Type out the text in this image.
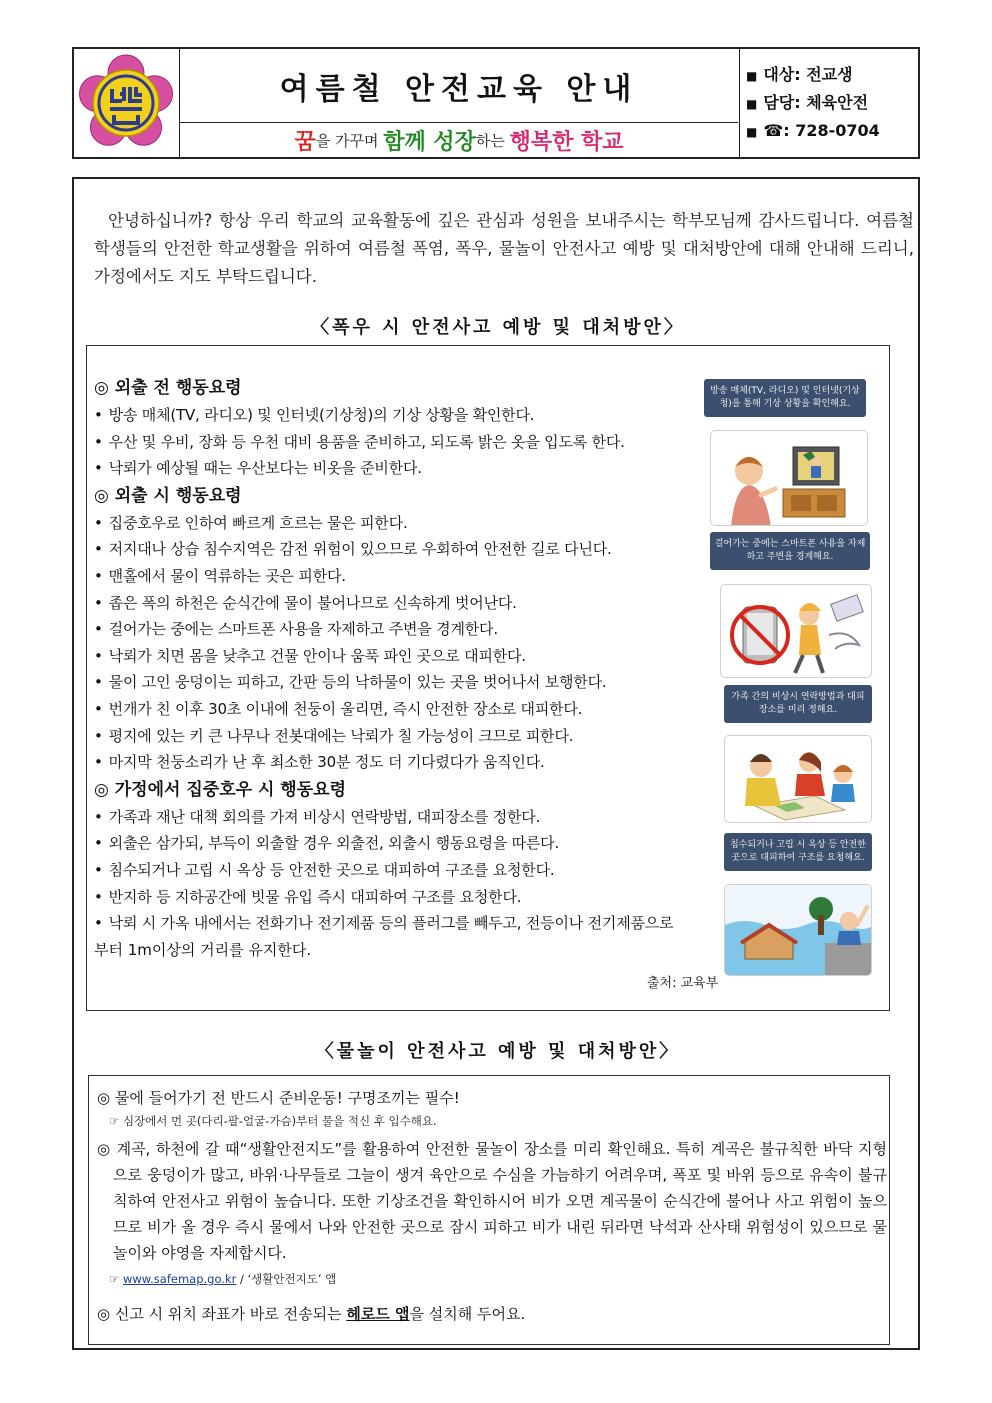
여름철 안전교육 안내
꿈 을 가꾸며 함께 성장 하는 행복한 학교
■ 대상: 전교생
■ 담당: 체육안전
■ ☎: 728-0704
안녕하십니까? 항상 우리 학교의 교육활동에 깊은 관심과 성원을 보내주시는 학부모님께 감사드립니다. 여름철 학생들의 안전한 학교생활을 위하여 여름철 폭염, 폭우, 물놀이 안전사고 예방 및 대처방안에 대해 안내해 드리니, 가정에서도 지도 부탁드립니다.
〈폭우 시 안전사고 예방 및 대처방안〉
◎ 외출 전 행동요령
• 방송 매체(TV, 라디오) 및 인터넷(기상청)의 기상 상황을 확인한다.
• 우산 및 우비, 장화 등 우천 대비 용품을 준비하고, 되도록 밝은 옷을 입도록 한다.
• 낙뢰가 예상될 때는 우산보다는 비옷을 준비한다.
◎ 외출 시 행동요령
• 집중호우로 인하여 빠르게 흐르는 물은 피한다.
• 저지대나 상습 침수지역은 감전 위험이 있으므로 우회하여 안전한 길로 다닌다.
• 맨홀에서 물이 역류하는 곳은 피한다.
• 좁은 폭의 하천은 순식간에 물이 불어나므로 신속하게 벗어난다.
• 걸어가는 중에는 스마트폰 사용을 자제하고 주변을 경계한다.
• 낙뢰가 치면 몸을 낮추고 건물 안이나 움푹 파인 곳으로 대피한다.
• 물이 고인 웅덩이는 피하고, 간판 등의 낙하물이 있는 곳을 벗어나서 보행한다.
• 번개가 친 이후 30초 이내에 천둥이 울리면, 즉시 안전한 장소로 대피한다.
• 평지에 있는 키 큰 나무나 전봇대에는 낙뢰가 칠 가능성이 크므로 피한다.
• 마지막 천둥소리가 난 후 최소한 30분 정도 더 기다렸다가 움직인다.
◎ 가정에서 집중호우 시 행동요령
• 가족과 재난 대책 회의를 가져 비상시 연락방법, 대피장소를 정한다.
• 외출은 삼가되, 부득이 외출할 경우 외출전, 외출시 행동요령을 따른다.
• 침수되거나 고립 시 옥상 등 안전한 곳으로 대피하여 구조를 요청한다.
• 반지하 등 지하공간에 빗물 유입 즉시 대피하여 구조를 요청한다.
• 낙뢰 시 가옥 내에서는 전화기나 전기제품 등의 플러그를 빼두고, 전등이나 전기제품으로
부터 1m이상의 거리를 유지한다.
출처: 교육부
방송 매체(TV, 라디오) 및 인터넷(기상청)을 통해 기상 상황을 확인해요.
걸어가는 중에는 스마트폰 사용을 자제하고 주변을 경계해요.
가족 간의 비상시 연락방법과 대피장소를 미리 정해요.
침수되거나 고립 시 옥상 등 안전한 곳으로 대피하여 구조를 요청해요.
〈물놀이 안전사고 예방 및 대처방안〉
◎ 물에 들어가기 전 반드시 준비운동! 구명조끼는 필수!
☞ 심장에서 먼 곳(다리-팔-얼굴-가슴)부터 물을 적신 후 입수해요.
◎ 계곡, 하천에 갈 때“생활안전지도”를 활용하여 안전한 물놀이 장소를 미리 확인해요. 특히 계곡은 불규칙한 바닥 지형으로 웅덩이가 많고, 바위·나무들로 그늘이 생겨 육안으로 수심을 가늠하기 어려우며, 폭포 및 바위 등으로 유속이 불규칙하여 안전사고 위험이 높습니다. 또한 기상조건을 확인하시어 비가 오면 계곡물이 순식간에 불어나 사고 위험이 높으므로 비가 올 경우 즉시 물에서 나와 안전한 곳으로 잠시 피하고 비가 내린 뒤라면 낙석과 산사태 위험성이 있으므로 물놀이와 야영을 자제합시다.
☞ www.safemap.go.kr / ‘생활안전지도’ 앱
◎ 신고 시 위치 좌표가 바로 전송되는 헤로드 앱을 설치해 두어요.
